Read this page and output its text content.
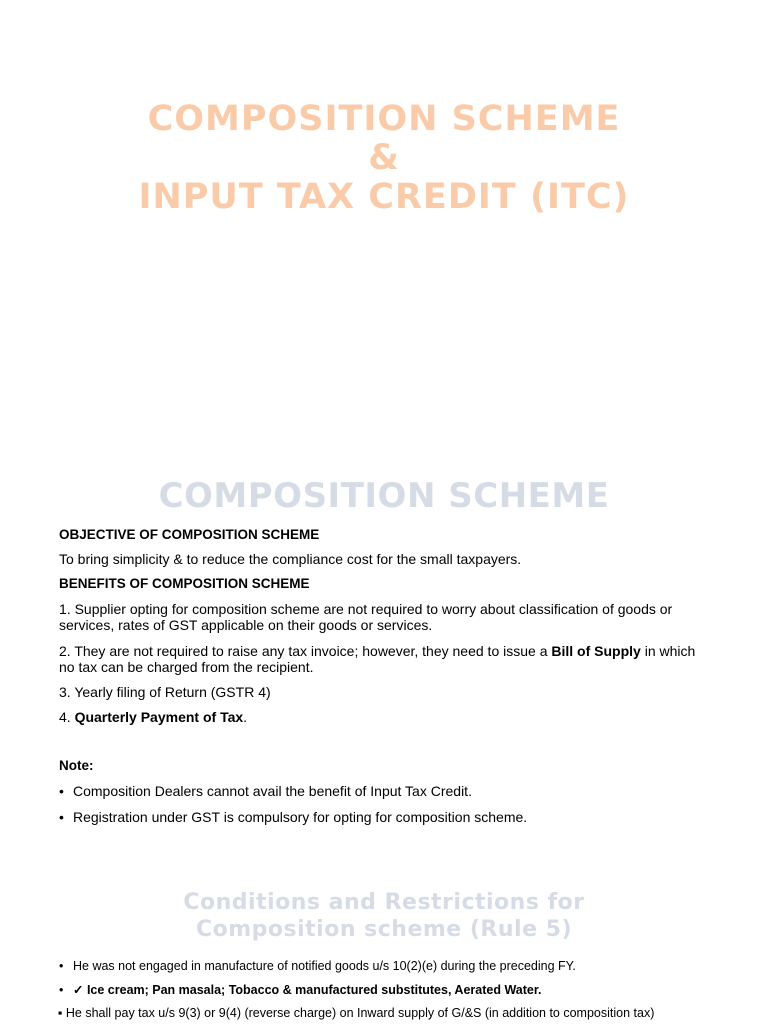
COMPOSITION SCHEME
&
INPUT TAX CREDIT (ITC)
COMPOSITION SCHEME
OBJECTIVE OF COMPOSITION SCHEME
To bring simplicity & to reduce the compliance cost for the small taxpayers.
BENEFITS OF COMPOSITION SCHEME
1. Supplier opting for composition scheme are not required to worry about classification of goods or
services, rates of GST applicable on their goods or services.
2. They are not required to raise any tax invoice; however, they need to issue a Bill of Supply in which
no tax can be charged from the recipient.
3. Yearly filing of Return (GSTR 4)
4. Quarterly Payment of Tax.
Note:
• Composition Dealers cannot avail the benefit of Input Tax Credit.
• Registration under GST is compulsory for opting for composition scheme.
Conditions and Restrictions for
Composition scheme (Rule 5)
• He was not engaged in manufacture of notified goods u/s 10(2)(e) during the preceding FY.
• ✓ Ice cream; Pan masala; Tobacco & manufactured substitutes, Aerated Water.
▪ He shall pay tax u/s 9(3) or 9(4) (reverse charge) on Inward supply of G/&S (in addition to composition tax)
